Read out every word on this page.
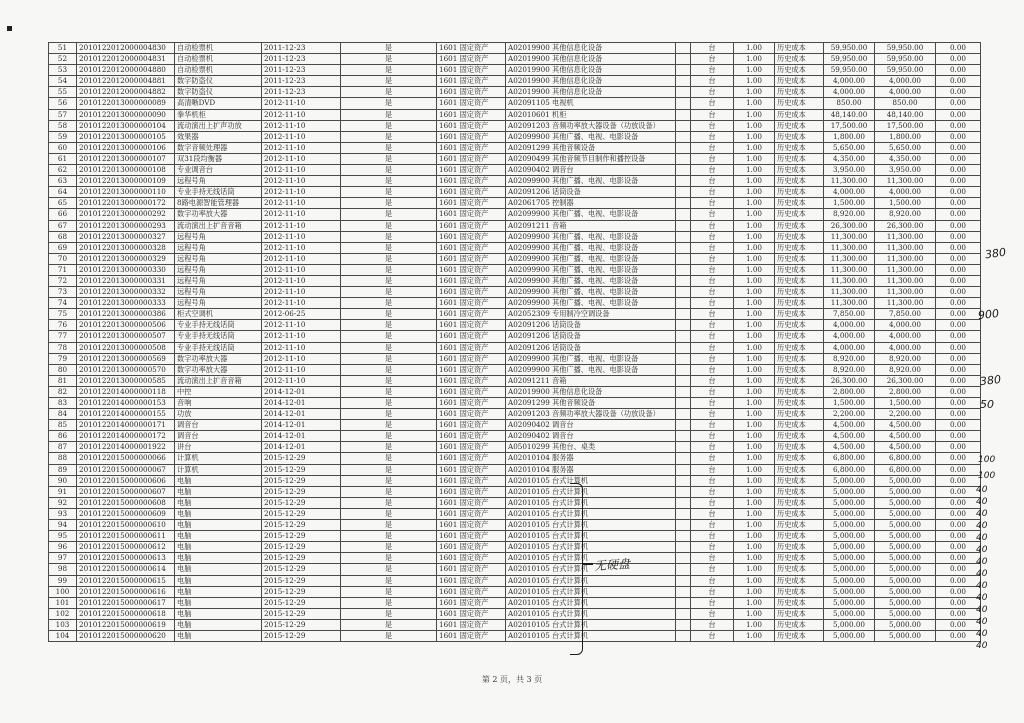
51	2010122012000004830	自动检票机	2011-12-23	是	1601 固定资产	A02019900 其他信息化设备		台	1.00	历史成本	59,950.00	59,950.00	0.00
52	2010122012000004831	自动检票机	2011-12-23	是	1601 固定资产	A02019900 其他信息化设备		台	1.00	历史成本	59,950.00	59,950.00	0.00
53	2010122012000004880	自动检票机	2011-12-23	是	1601 固定资产	A02019900 其他信息化设备		台	1.00	历史成本	59,950.00	59,950.00	0.00
54	2010122012000004881	数字防盗仪	2011-12-23	是	1601 固定资产	A02019900 其他信息化设备		台	1.00	历史成本	4,000.00	4,000.00	0.00
55	2010122012000004882	数字防盗仪	2011-12-23	是	1601 固定资产	A02019900 其他信息化设备		台	1.00	历史成本	4,000.00	4,000.00	0.00
56	2010122013000000089	高清晰DVD	2012-11-10	是	1601 固定资产	A02091105 电视机		台	1.00	历史成本	850.00	850.00	0.00
57	2010122013000000090	拳华机柜	2012-11-10	是	1601 固定资产	A02010601 机柜		台	1.00	历史成本	48,140.00	48,140.00	0.00
58	2010122013000000104	流动演出上扩声功放	2012-11-10	是	1601 固定资产	A02091203 音频功率放大器设备（功放设备）		台	1.00	历史成本	17,500.00	17,500.00	0.00
59	2010122013000000105	效果器	2012-11-10	是	1601 固定资产	A02099900 其他广播、电视、电影设备		台	1.00	历史成本	1,800.00	1,800.00	0.00
60	2010122013000000106	数字音频处理器	2012-11-10	是	1601 固定资产	A02091299 其他音频设备		台	1.00	历史成本	5,650.00	5,650.00	0.00
61	2010122013000000107	双31段均衡器	2012-11-10	是	1601 固定资产	A02090499 其他音频节目制作和播控设备		台	1.00	历史成本	4,350.00	4,350.00	0.00
62	2010122013000000108	专业调音台	2012-11-10	是	1601 固定资产	A02090402 调音台		台	1.00	历史成本	3,950.00	3,950.00	0.00
63	2010122013000000109	远程号角	2012-11-10	是	1601 固定资产	A02099900 其他广播、电视、电影设备		台	1.00	历史成本	11,300.00	11,300.00	0.00
64	2010122013000000110	专业手持无线话筒	2012-11-10	是	1601 固定资产	A02091206 话筒设备		台	1.00	历史成本	4,000.00	4,000.00	0.00
65	2010122013000000172	8路电源智能管理器	2012-11-10	是	1601 固定资产	A02061705 控制器		台	1.00	历史成本	1,500.00	1,500.00	0.00
66	2010122013000000292	数字功率放大器	2012-11-10	是	1601 固定资产	A02099900 其他广播、电视、电影设备		台	1.00	历史成本	8,920.00	8,920.00	0.00
67	2010122013000000293	流动演出上扩音音箱	2012-11-10	是	1601 固定资产	A02091211 音箱		台	1.00	历史成本	26,300.00	26,300.00	0.00
68	2010122013000000327	远程号角	2012-11-10	是	1601 固定资产	A02099900 其他广播、电视、电影设备		台	1.00	历史成本	11,300.00	11,300.00	0.00
69	2010122013000000328	远程号角	2012-11-10	是	1601 固定资产	A02099900 其他广播、电视、电影设备		台	1.00	历史成本	11,300.00	11,300.00	0.00
70	2010122013000000329	远程号角	2012-11-10	是	1601 固定资产	A02099900 其他广播、电视、电影设备		台	1.00	历史成本	11,300.00	11,300.00	0.00
71	2010122013000000330	远程号角	2012-11-10	是	1601 固定资产	A02099900 其他广播、电视、电影设备		台	1.00	历史成本	11,300.00	11,300.00	0.00
72	2010122013000000331	远程号角	2012-11-10	是	1601 固定资产	A02099900 其他广播、电视、电影设备		台	1.00	历史成本	11,300.00	11,300.00	0.00
73	2010122013000000332	远程号角	2012-11-10	是	1601 固定资产	A02099900 其他广播、电视、电影设备		台	1.00	历史成本	11,300.00	11,300.00	0.00
74	2010122013000000333	远程号角	2012-11-10	是	1601 固定资产	A02099900 其他广播、电视、电影设备		台	1.00	历史成本	11,300.00	11,300.00	0.00
75	2010122013000000386	柜式空调机	2012-06-25	是	1601 固定资产	A02052309 专用制冷空调设备		台	1.00	历史成本	7,850.00	7,850.00	0.00
76	2010122013000000506	专业手持无线话筒	2012-11-10	是	1601 固定资产	A02091206 话筒设备		台	1.00	历史成本	4,000.00	4,000.00	0.00
77	2010122013000000507	专业手持无线话筒	2012-11-10	是	1601 固定资产	A02091206 话筒设备		台	1.00	历史成本	4,000.00	4,000.00	0.00
78	2010122013000000508	专业手持无线话筒	2012-11-10	是	1601 固定资产	A02091206 话筒设备		台	1.00	历史成本	4,000.00	4,000.00	0.00
79	2010122013000000569	数字功率放大器	2012-11-10	是	1601 固定资产	A02099900 其他广播、电视、电影设备		台	1.00	历史成本	8,920.00	8,920.00	0.00
80	2010122013000000570	数字功率放大器	2012-11-10	是	1601 固定资产	A02099900 其他广播、电视、电影设备		台	1.00	历史成本	8,920.00	8,920.00	0.00
81	2010122013000000585	流动演出上扩音音箱	2012-11-10	是	1601 固定资产	A02091211 音箱		台	1.00	历史成本	26,300.00	26,300.00	0.00
82	2010122014000000118	中控	2014-12-01	是	1601 固定资产	A02019900 其他信息化设备		台	1.00	历史成本	2,800.00	2,800.00	0.00
83	2010122014000000153	音响	2014-12-01	是	1601 固定资产	A02091299 其他音频设备		台	1.00	历史成本	1,500.00	1,500.00	0.00
84	2010122014000000155	功放	2014-12-01	是	1601 固定资产	A02091203 音频功率放大器设备（功放设备）		台	1.00	历史成本	2,200.00	2,200.00	0.00
85	2010122014000000171	调音台	2014-12-01	是	1601 固定资产	A02090402 调音台		台	1.00	历史成本	4,500.00	4,500.00	0.00
86	2010122014000000172	调音台	2014-12-01	是	1601 固定资产	A02090402 调音台		台	1.00	历史成本	4,500.00	4,500.00	0.00
87	2010122014000001922	讲台	2014-12-01	是	1601 固定资产	A05010299 其他台、桌类		台	1.00	历史成本	4,500.00	4,500.00	0.00
88	2010122015000000066	计算机	2015-12-29	是	1601 固定资产	A02010104 服务器		台	1.00	历史成本	6,800.00	6,800.00	0.00
89	2010122015000000067	计算机	2015-12-29	是	1601 固定资产	A02010104 服务器		台	1.00	历史成本	6,800.00	6,800.00	0.00
90	2010122015000000606	电脑	2015-12-29	是	1601 固定资产	A02010105 台式计算机		台	1.00	历史成本	5,000.00	5,000.00	0.00
91	2010122015000000607	电脑	2015-12-29	是	1601 固定资产	A02010105 台式计算机		台	1.00	历史成本	5,000.00	5,000.00	0.00
92	2010122015000000608	电脑	2015-12-29	是	1601 固定资产	A02010105 台式计算机		台	1.00	历史成本	5,000.00	5,000.00	0.00
93	2010122015000000609	电脑	2015-12-29	是	1601 固定资产	A02010105 台式计算机		台	1.00	历史成本	5,000.00	5,000.00	0.00
94	2010122015000000610	电脑	2015-12-29	是	1601 固定资产	A02010105 台式计算机		台	1.00	历史成本	5,000.00	5,000.00	0.00
95	2010122015000000611	电脑	2015-12-29	是	1601 固定资产	A02010105 台式计算机		台	1.00	历史成本	5,000.00	5,000.00	0.00
96	2010122015000000612	电脑	2015-12-29	是	1601 固定资产	A02010105 台式计算机		台	1.00	历史成本	5,000.00	5,000.00	0.00
97	2010122015000000613	电脑	2015-12-29	是	1601 固定资产	A02010105 台式计算机		台	1.00	历史成本	5,000.00	5,000.00	0.00
98	2010122015000000614	电脑	2015-12-29	是	1601 固定资产	A02010105 台式计算机		台	1.00	历史成本	5,000.00	5,000.00	0.00
99	2010122015000000615	电脑	2015-12-29	是	1601 固定资产	A02010105 台式计算机		台	1.00	历史成本	5,000.00	5,000.00	0.00
100	2010122015000000616	电脑	2015-12-29	是	1601 固定资产	A02010105 台式计算机		台	1.00	历史成本	5,000.00	5,000.00	0.00
101	2010122015000000617	电脑	2015-12-29	是	1601 固定资产	A02010105 台式计算机		台	1.00	历史成本	5,000.00	5,000.00	0.00
102	2010122015000000618	电脑	2015-12-29	是	1601 固定资产	A02010105 台式计算机		台	1.00	历史成本	5,000.00	5,000.00	0.00
103	2010122015000000619	电脑	2015-12-29	是	1601 固定资产	A02010105 台式计算机		台	1.00	历史成本	5,000.00	5,000.00	0.00
104	2010122015000000620	电脑	2015-12-29	是	1601 固定资产	A02010105 台式计算机		台	1.00	历史成本	5,000.00	5,000.00	0.00
380
900
380
50
100
100
40
40
40
40
40
40
40
40
40
40
40
40
40
40
无硬盘
第 2 页，共 3 页
